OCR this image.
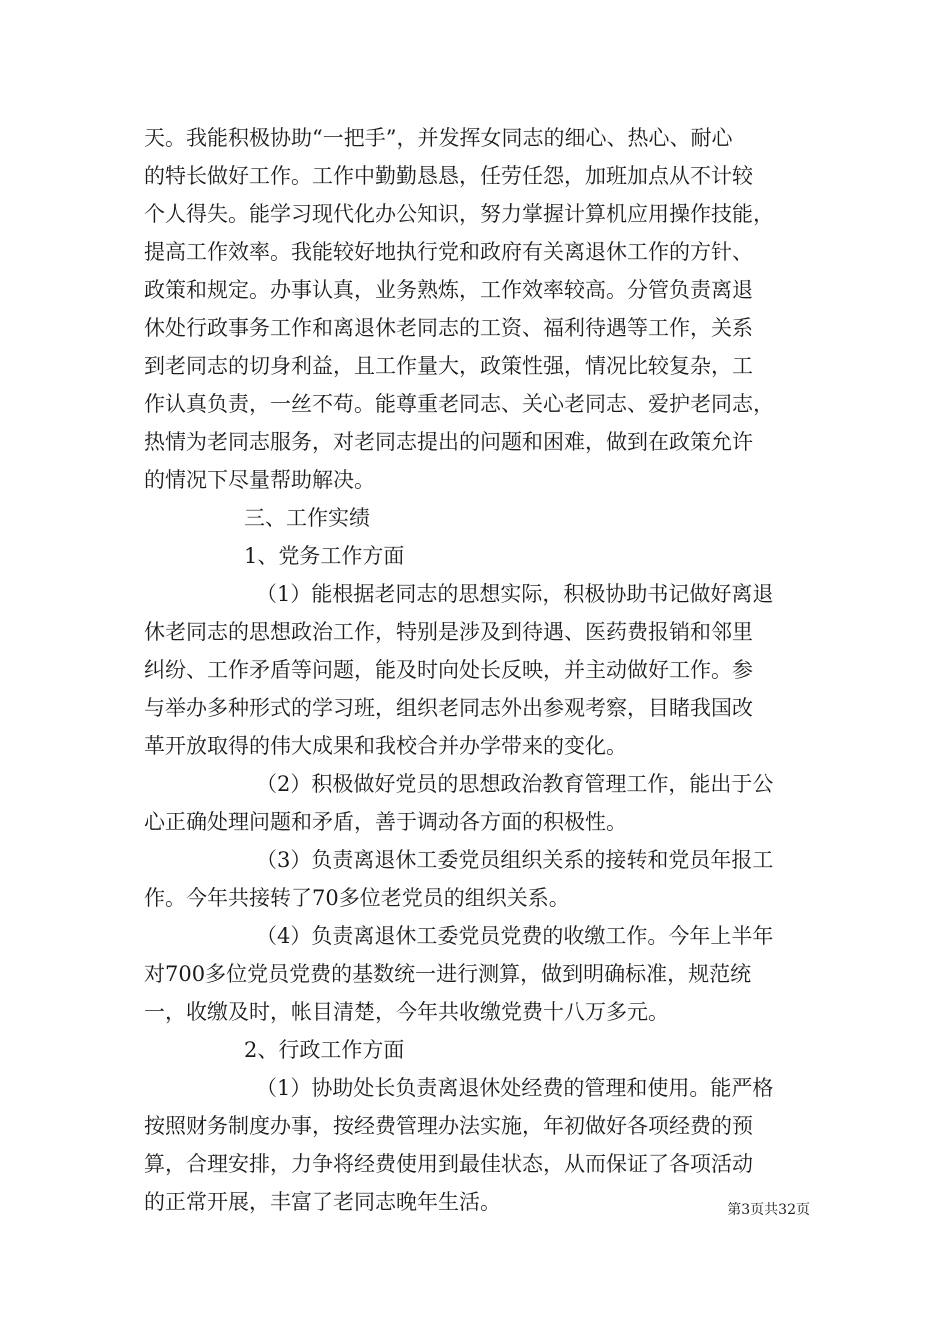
天。我能积极协助“一把手”，并发挥女同志的细心、热心、耐心
的特长做好工作。工作中勤勤恳恳，任劳任怨，加班加点从不计较
个人得失。能学习现代化办公知识，努力掌握计算机应用操作技能，
提高工作效率。我能较好地执行党和政府有关离退休工作的方针、
政策和规定。办事认真，业务熟炼，工作效率较高。分管负责离退
休处行政事务工作和离退休老同志的工资、福利待遇等工作，关系
到老同志的切身利益，且工作量大，政策性强，情况比较复杂，工
作认真负责，一丝不苟。能尊重老同志、关心老同志、爱护老同志，
热情为老同志服务，对老同志提出的问题和困难，做到在政策允许
的情况下尽量帮助解决。
三、工作实绩
1、党务工作方面
（1）能根据老同志的思想实际，积极协助书记做好离退
休老同志的思想政治工作，特别是涉及到待遇、医药费报销和邻里
纠纷、工作矛盾等问题，能及时向处长反映，并主动做好工作。参
与举办多种形式的学习班，组织老同志外出参观考察，目睹我国改
革开放取得的伟大成果和我校合并办学带来的变化。
（2）积极做好党员的思想政治教育管理工作，能出于公
心正确处理问题和矛盾，善于调动各方面的积极性。
（3）负责离退休工委党员组织关系的接转和党员年报工
作。今年共接转了70多位老党员的组织关系。
（4）负责离退休工委党员党费的收缴工作。今年上半年
对700多位党员党费的基数统一进行测算，做到明确标准，规范统
一，收缴及时，帐目清楚，今年共收缴党费十八万多元。
2、行政工作方面
（1）协助处长负责离退休处经费的管理和使用。能严格
按照财务制度办事，按经费管理办法实施，年初做好各项经费的预
算，合理安排，力争将经费使用到最佳状态，从而保证了各项活动
的正常开展，丰富了老同志晚年生活。	第3页共32页
